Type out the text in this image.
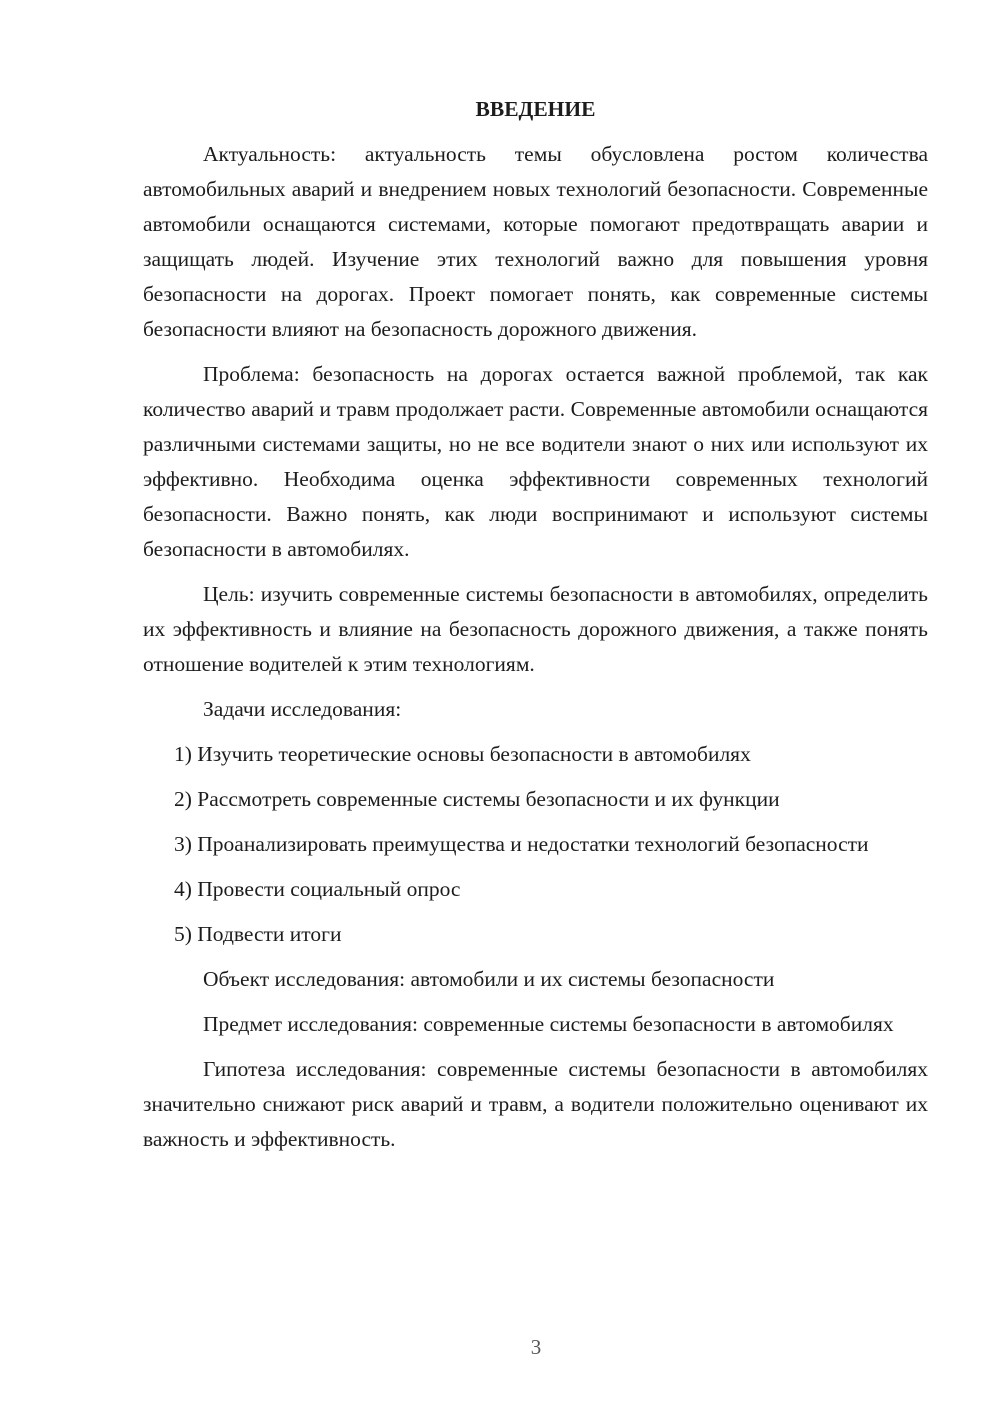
ВВЕДЕНИЕ

Актуальность: актуальность темы обусловлена ростом количества автомобильных аварий и внедрением новых технологий безопасности. Современные автомобили оснащаются системами, которые помогают предотвращать аварии и защищать людей. Изучение этих технологий важно для повышения уровня безопасности на дорогах. Проект помогает понять, как современные системы безопасности влияют на безопасность дорожного движения.

Проблема: безопасность на дорогах остается важной проблемой, так как количество аварий и травм продолжает расти. Современные автомобили оснащаются различными системами защиты, но не все водители знают о них или используют их эффективно. Необходима оценка эффективности современных технологий безопасности. Важно понять, как люди воспринимают и используют системы безопасности в автомобилях.

Цель: изучить современные системы безопасности в автомобилях, определить их эффективность и влияние на безопасность дорожного движения, а также понять отношение водителей к этим технологиям.

Задачи исследования:

1) Изучить теоретические основы безопасности в автомобилях

2) Рассмотреть современные системы безопасности и их функции

3) Проанализировать преимущества и недостатки технологий безопасности

4) Провести социальный опрос

5) Подвести итоги

Объект исследования: автомобили и их системы безопасности

Предмет исследования: современные системы безопасности в автомобилях

Гипотеза исследования: современные системы безопасности в автомобилях значительно снижают риск аварий и травм, а водители положительно оценивают их важность и эффективность.

3
